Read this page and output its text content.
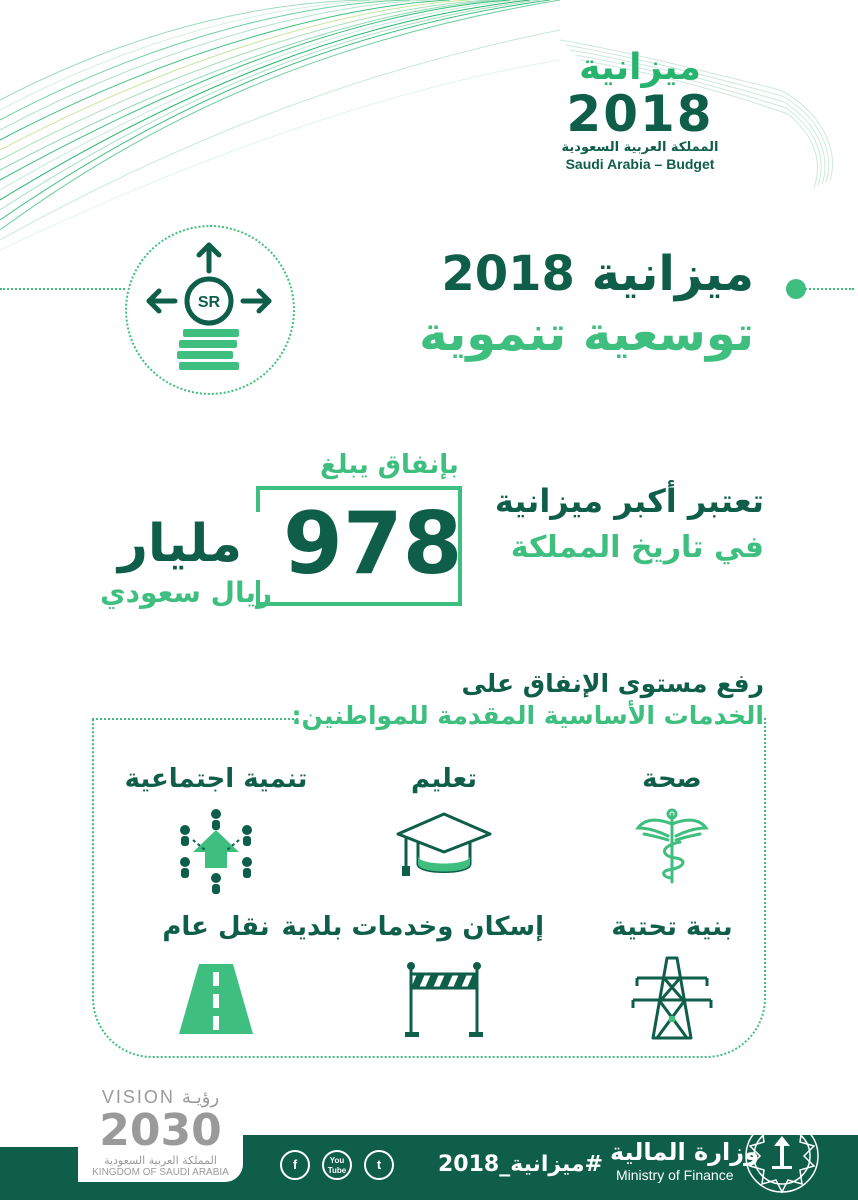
ميزانية
2018
المملكة العربية السعودية
Saudi Arabia – Budget
SR
ميزانية 2018
توسعية تنموية
بإنفاق يبلغ
978
مليار
ريال سعودي
تعتبر أكبر ميزانية
في تاريخ المملكة
رفع مستوى الإنفاق على
الخدمات الأساسية المقدمة للمواطنين:
صحة
تعليم
تنمية اجتماعية
بنية تحتية
إسكان وخدمات بلدية
نقل عام
VISION رؤيـة
2030
المملكة العربية السعودية
KINGDOM OF SAUDI ARABIA
f	You Tube	t	#ميزانية_2018 وزارة المالية
Ministry of Finance
